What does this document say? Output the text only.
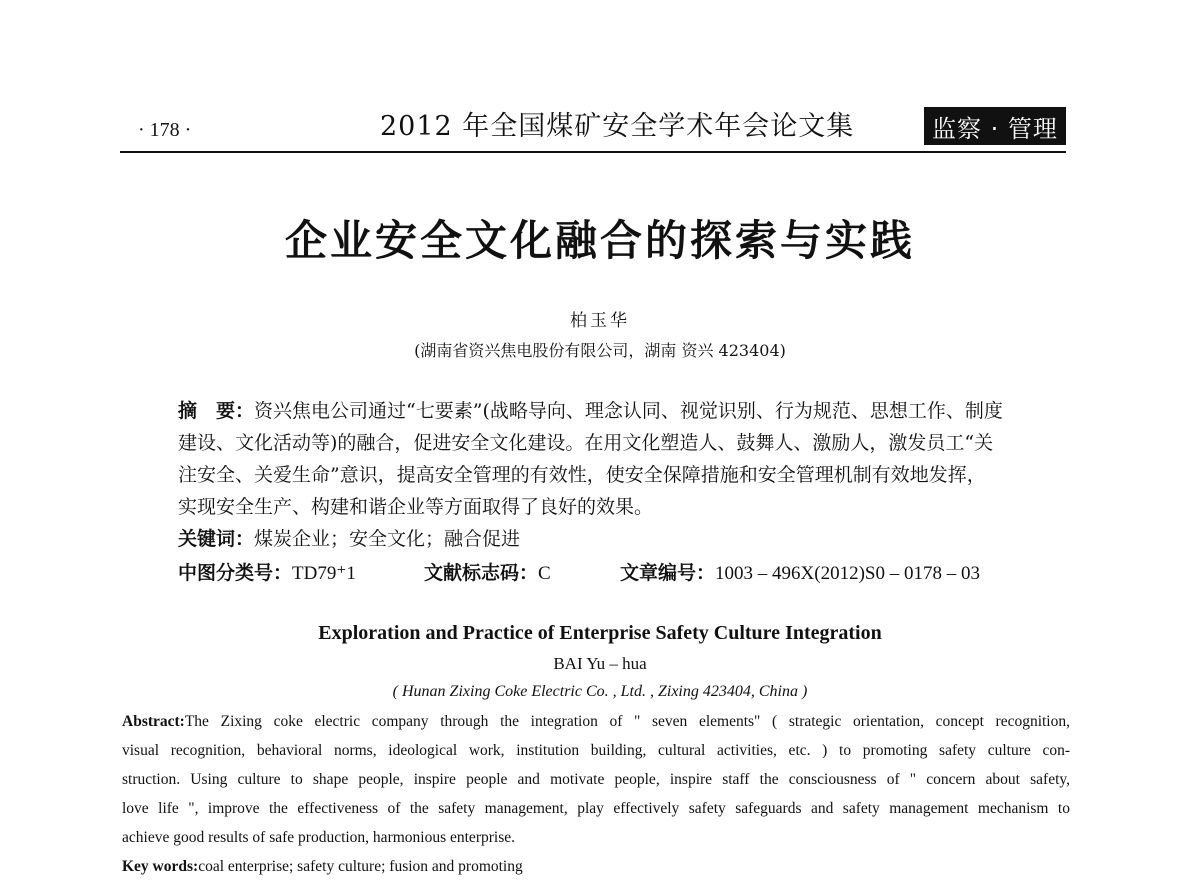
· 178 ·	2012 年全国煤矿安全学术年会论文集	监察 · 管理
企业安全文化融合的探索与实践
柏玉华
(湖南省资兴焦电股份有限公司，湖南 资兴 423404)
摘　要：资兴焦电公司通过“七要素”(战略导向、理念认同、视觉识别、行为规范、思想工作、制度
建设、文化活动等)的融合，促进安全文化建设。在用文化塑造人、鼓舞人、激励人，激发员工“关
注安全、关爱生命”意识，提高安全管理的有效性，使安全保障措施和安全管理机制有效地发挥，
实现安全生产、构建和谐企业等方面取得了良好的效果。
关键词：煤炭企业；安全文化；融合促进
中图分类号：TD79⁺1	文献标志码：C	文章编号：1003 – 496X(2012)S0 – 0178 – 03
Exploration and Practice of Enterprise Safety Culture Integration
BAI Yu – hua
( Hunan Zixing Coke Electric Co. , Ltd. , Zixing 423404, China )
Abstract:The Zixing coke electric company through the integration of " seven elements" ( strategic orientation, concept recognition,
visual recognition, behavioral norms, ideological work, institution building, cultural activities, etc. ) to promoting safety culture con-
struction. Using culture to shape people, inspire people and motivate people, inspire staff the consciousness of " concern about safety,
love life ", improve the effectiveness of the safety management, play effectively safety safeguards and safety management mechanism to
achieve good results of safe production, harmonious enterprise.
Key words:coal enterprise; safety culture; fusion and promoting
